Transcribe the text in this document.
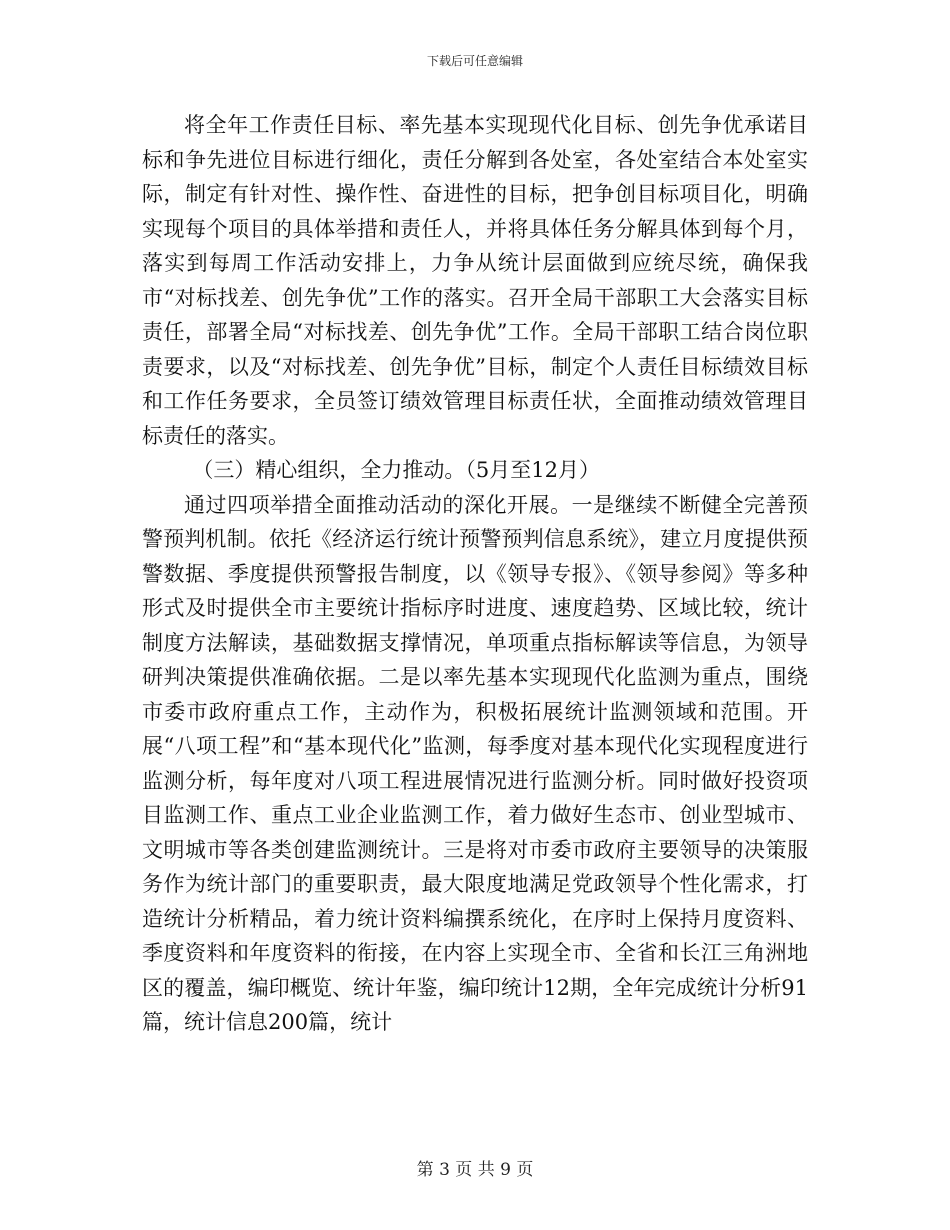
下载后可任意编辑

将全年工作责任目标、率先基本实现现代化目标、创先争优承诺目标和争先进位目标进行细化，责任分解到各处室，各处室结合本处室实际，制定有针对性、操作性、奋进性的目标，把争创目标项目化，明确实现每个项目的具体举措和责任人，并将具体任务分解具体到每个月，落实到每周工作活动安排上，力争从统计层面做到应统尽统，确保我市“对标找差、创先争优”工作的落实。召开全局干部职工大会落实目标责任，部署全局“对标找差、创先争优”工作。全局干部职工结合岗位职责要求，以及“对标找差、创先争优”目标，制定个人责任目标绩效目标和工作任务要求，全员签订绩效管理目标责任状，全面推动绩效管理目标责任的落实。

（三）精心组织，全力推动。（5月至12月）

通过四项举措全面推动活动的深化开展。一是继续不断健全完善预警预判机制。依托《经济运行统计预警预判信息系统》，建立月度提供预警数据、季度提供预警报告制度，以《领导专报》、《领导参阅》等多种形式及时提供全市主要统计指标序时进度、速度趋势、区域比较，统计制度方法解读，基础数据支撑情况，单项重点指标解读等信息，为领导研判决策提供准确依据。二是以率先基本实现现代化监测为重点，围绕市委市政府重点工作，主动作为，积极拓展统计监测领域和范围。开展“八项工程”和“基本现代化”监测，每季度对基本现代化实现程度进行监测分析，每年度对八项工程进展情况进行监测分析。同时做好投资项目监测工作、重点工业企业监测工作，着力做好生态市、创业型城市、文明城市等各类创建监测统计。三是将对市委市政府主要领导的决策服务作为统计部门的重要职责，最大限度地满足党政领导个性化需求，打造统计分析精品，着力统计资料编撰系统化，在序时上保持月度资料、季度资料和年度资料的衔接，在内容上实现全市、全省和长江三角洲地区的覆盖，编印概览、统计年鉴，编印统计12期，全年完成统计分析91篇，统计信息200篇，统计

第 3 页 共 9 页
